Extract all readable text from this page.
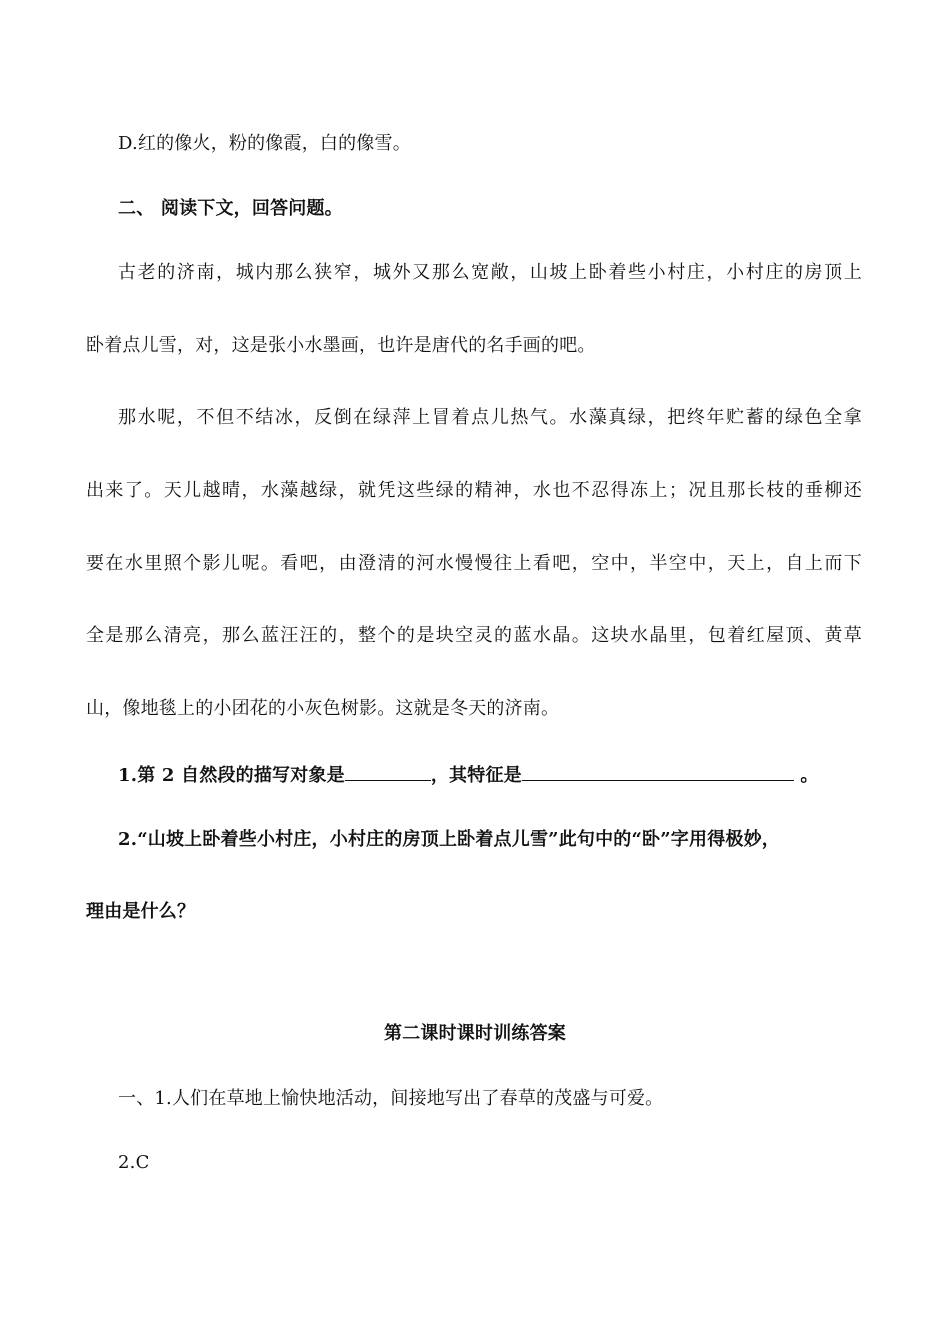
D.红的像火，粉的像霞，白的像雪。
二、 阅读下文，回答问题。
古老的济南，城内那么狭窄，城外又那么宽敞，山坡上卧着些小村庄，小村庄的房顶上
卧着点儿雪，对，这是张小水墨画，也许是唐代的名手画的吧。
那水呢，不但不结冰，反倒在绿萍上冒着点儿热气。水藻真绿，把终年贮蓄的绿色全拿
出来了。天儿越晴，水藻越绿，就凭这些绿的精神，水也不忍得冻上；况且那长枝的垂柳还
要在水里照个影儿呢。看吧，由澄清的河水慢慢往上看吧，空中，半空中，天上，自上而下
全是那么清亮，那么蓝汪汪的，整个的是块空灵的蓝水晶。这块水晶里，包着红屋顶、黄草
山，像地毯上的小团花的小灰色树影。这就是冬天的济南。
1.第 2 自然段的描写对象是	，其特征是	。
2.“山坡上卧着些小村庄，小村庄的房顶上卧着点儿雪”此句中的“卧”字用得极妙，
理由是什么？
第二课时课时训练答案
一、1.人们在草地上愉快地活动，间接地写出了春草的茂盛与可爱。
2.C
